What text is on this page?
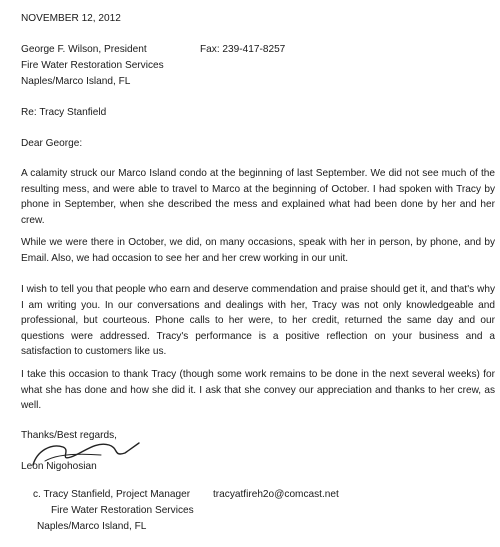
NOVEMBER 12, 2012
George F. Wilson, President	Fax: 239-417-8257
Fire Water Restoration Services
Naples/Marco Island, FL
Re: Tracy Stanfield
Dear George:
A calamity struck our Marco Island condo at the beginning of last September. We did not see much of the resulting mess, and were able to travel to Marco at the beginning of October. I had spoken with Tracy by phone in September, when she described the mess and explained what had been done by her and her crew.
While we were there in October, we did, on many occasions, speak with her in person, by phone, and by Email. Also, we had occasion to see her and her crew working in our unit.
I wish to tell you that people who earn and deserve commendation and praise should get it, and that's why I am writing you. In our conversations and dealings with her, Tracy was not only knowledgeable and professional, but courteous. Phone calls to her were, to her credit, returned the same day and our questions were addressed. Tracy's performance is a positive reflection on your business and a satisfaction to customers like us.
I take this occasion to thank Tracy (though some work remains to be done in the next several weeks) for what she has done and how she did it. I ask that she convey our appreciation and thanks to her crew, as well.
Thanks/Best regards,
Leon Nigohosian
c. Tracy Stanfield, Project Manager tracyatfireh2o@comcast.net
Fire Water Restoration Services
Naples/Marco Island, FL
